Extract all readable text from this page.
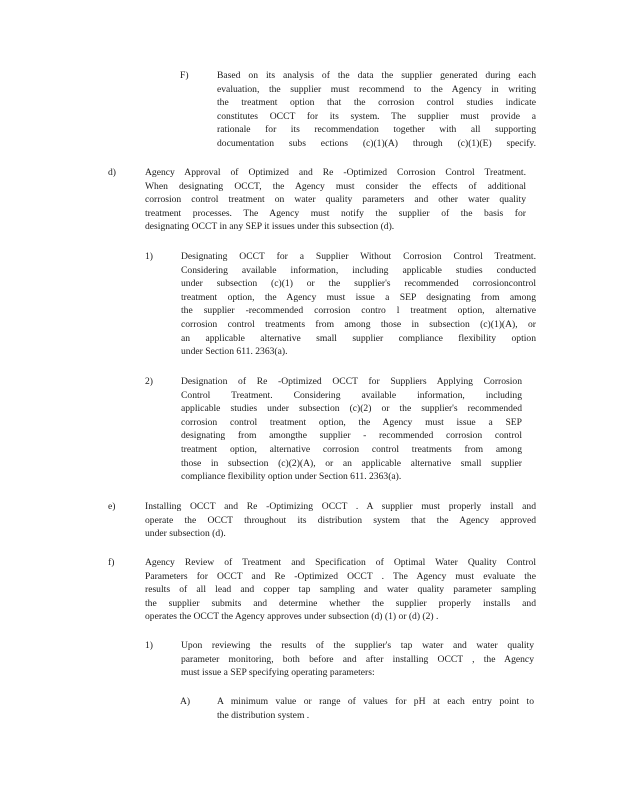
F)	Based on its analysis of the data the supplier generated during each
evaluation, the supplier must recommend to the Agency in writing
the treatment option that the corrosion control studies indicate
constitutes OCCT for its system. The supplier must provide a
rationale for its recommendation together with all supporting
documentation subs ections (c)(1)(A) through (c)(1)(E) specify.
d)	Agency Approval of Optimized and Re -Optimized Corrosion Control Treatment.
When designating OCCT, the Agency must consider the effects of additional
corrosion control treatment on water quality parameters and other water quality
treatment processes. The Agency must notify the supplier of the basis for
designating OCCT in any SEP it issues under this subsection (d).
1)	Designating OCCT for a Supplier Without Corrosion Control Treatment.
Considering available information, including applicable studies conducted
under subsection (c)(1) or the supplier's recommended corrosioncontrol
treatment option, the Agency must issue a SEP designating from among
the supplier -recommended corrosion contro l treatment option, alternative
corrosion control treatments from among those in subsection (c)(1)(A), or
an applicable alternative small supplier compliance flexibility option
under Section 611. 2363(a).
2)	Designation of Re -Optimized OCCT for Suppliers Applying Corrosion
Control Treatment. Considering available information, including
applicable studies under subsection (c)(2) or the supplier's recommended
corrosion control treatment option, the Agency must issue a SEP
designating from amongthe supplier - recommended corrosion control
treatment option, alternative corrosion control treatments from among
those in subsection (c)(2)(A), or an applicable alternative small supplier
compliance flexibility option under Section 611. 2363(a).
e)	Installing OCCT and Re -Optimizing OCCT . A supplier must properly install and
operate the OCCT throughout its distribution system that the Agency approved
under subsection (d).
f)	Agency Review of Treatment and Specification of Optimal Water Quality Control
Parameters for OCCT and Re -Optimized OCCT . The Agency must evaluate the
results of all lead and copper tap sampling and water quality parameter sampling
the supplier submits and determine whether the supplier properly installs and
operates the OCCT the Agency approves under subsection (d) (1) or (d) (2) .
1)	Upon reviewing the results of the supplier's tap water and water quality
parameter monitoring, both before and after installing OCCT , the Agency
must issue a SEP specifying operating parameters:
A)	A minimum value or range of values for pH at each entry point to
the distribution system .
